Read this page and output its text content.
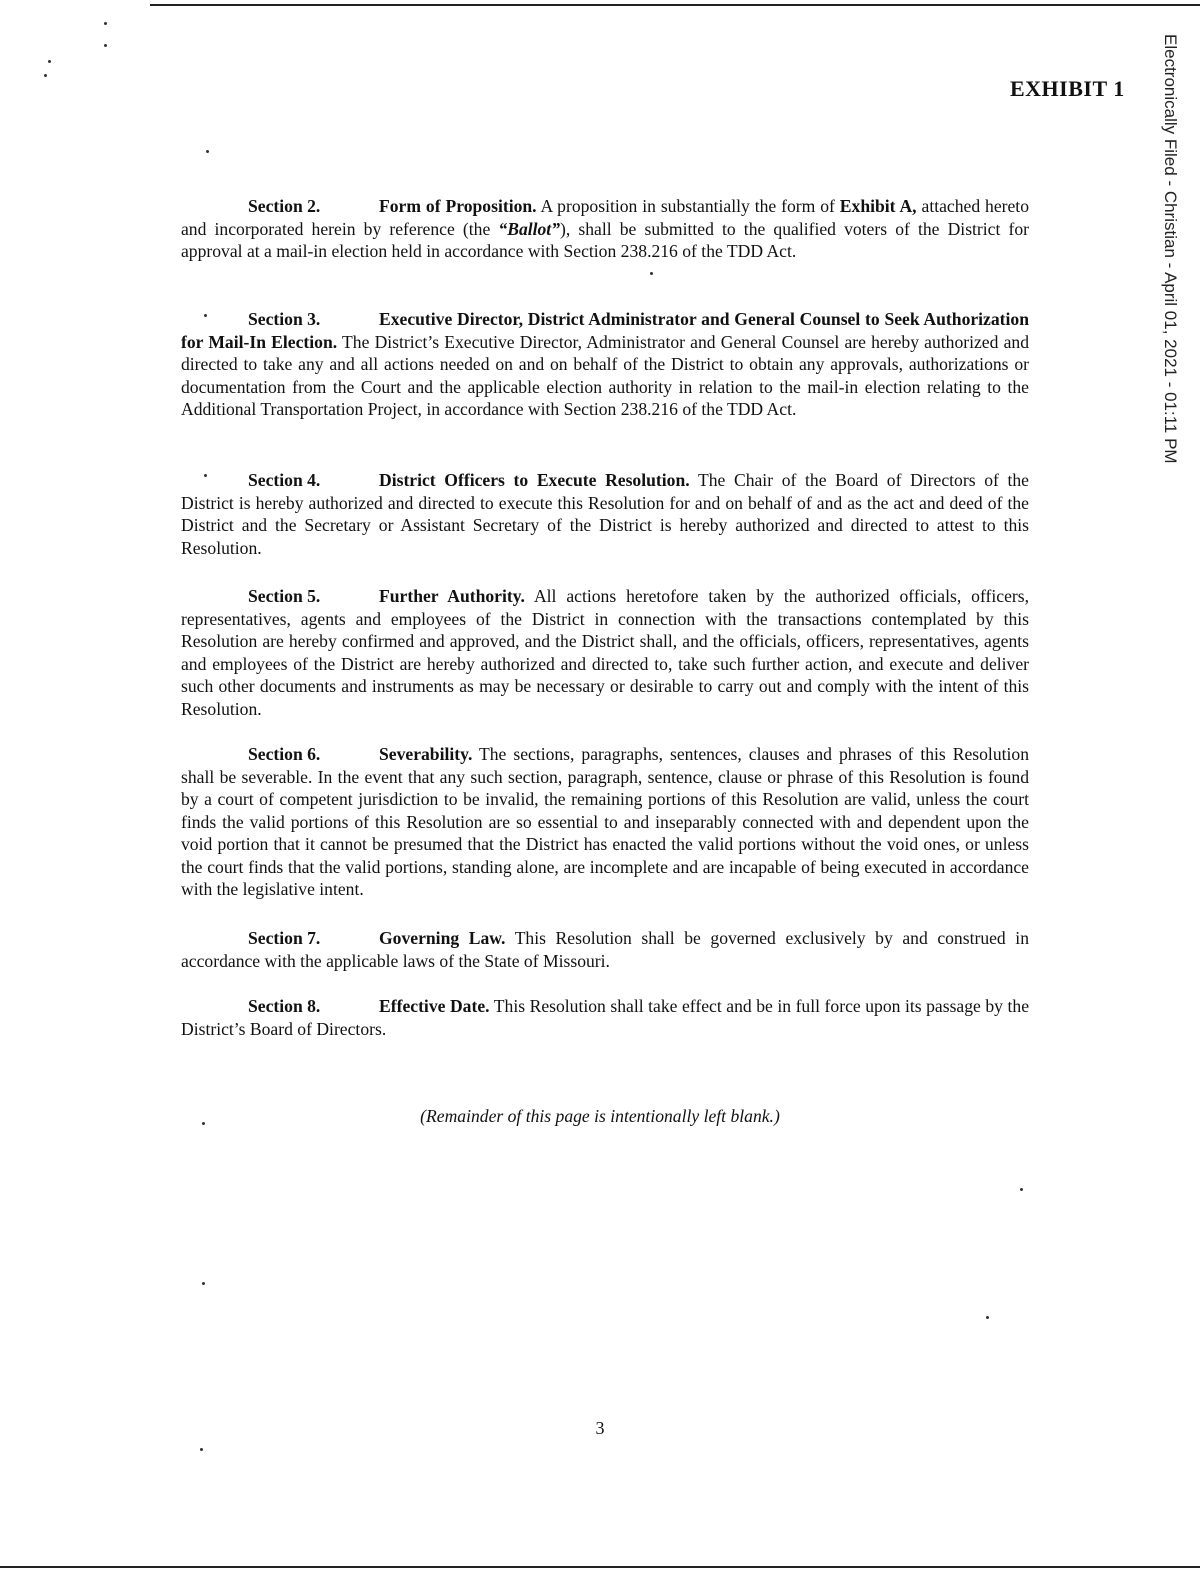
Electronically Filed - Christian - April 01, 2021 - 01:11 PM
EXHIBIT 1

Section 2.	Form of Proposition. A proposition in substantially the form of Exhibit A, attached hereto and incorporated herein by reference (the “Ballot”), shall be submitted to the qualified voters of the District for approval at a mail-in election held in accordance with Section 238.216 of the TDD Act.

Section 3.	Executive Director, District Administrator and General Counsel to Seek Authorization for Mail-In Election. The District’s Executive Director, Administrator and General Counsel are hereby authorized and directed to take any and all actions needed on and on behalf of the District to obtain any approvals, authorizations or documentation from the Court and the applicable election authority in relation to the mail-in election relating to the Additional Transportation Project, in accordance with Section 238.216 of the TDD Act.

Section 4.	District Officers to Execute Resolution. The Chair of the Board of Directors of the District is hereby authorized and directed to execute this Resolution for and on behalf of and as the act and deed of the District and the Secretary or Assistant Secretary of the District is hereby authorized and directed to attest to this Resolution.

Section 5.	Further Authority. All actions heretofore taken by the authorized officials, officers, representatives, agents and employees of the District in connection with the transactions contemplated by this Resolution are hereby confirmed and approved, and the District shall, and the officials, officers, representatives, agents and employees of the District are hereby authorized and directed to, take such further action, and execute and deliver such other documents and instruments as may be necessary or desirable to carry out and comply with the intent of this Resolution.

Section 6.	Severability. The sections, paragraphs, sentences, clauses and phrases of this Resolution shall be severable. In the event that any such section, paragraph, sentence, clause or phrase of this Resolution is found by a court of competent jurisdiction to be invalid, the remaining portions of this Resolution are valid, unless the court finds the valid portions of this Resolution are so essential to and inseparably connected with and dependent upon the void portion that it cannot be presumed that the District has enacted the valid portions without the void ones, or unless the court finds that the valid portions, standing alone, are incomplete and are incapable of being executed in accordance with the legislative intent.

Section 7.	Governing Law. This Resolution shall be governed exclusively by and construed in accordance with the applicable laws of the State of Missouri.

Section 8.	Effective Date. This Resolution shall take effect and be in full force upon its passage by the District’s Board of Directors.

(Remainder of this page is intentionally left blank.)
3
